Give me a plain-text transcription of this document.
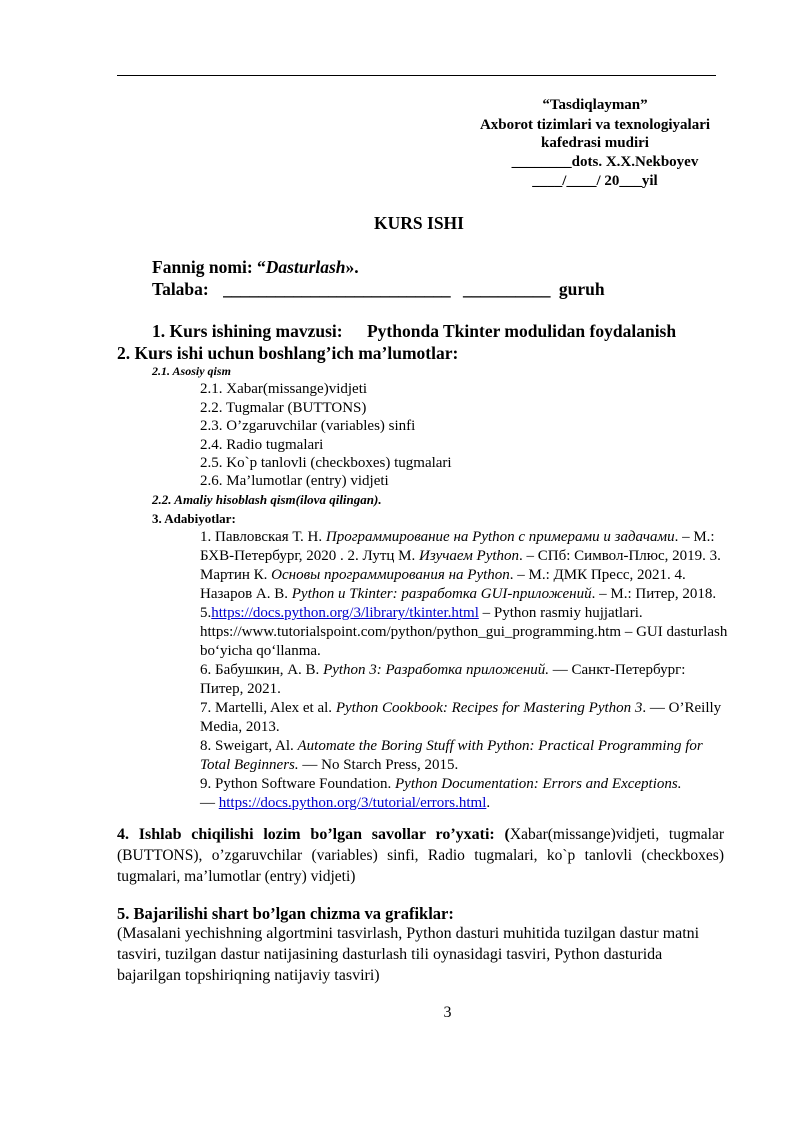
“Tasdiqlayman”
Axborot tizimlari va texnologiyalari
kafedrasi mudiri
________dots. X.X.Nekboyev
____/____/ 20___yil
KURS ISHI
Fannig nomi: “Dasturlash».
Talaba: __________________________ __________ guruh
1. Kurs ishining mavzusi: Pythonda Tkinter modulidan foydalanish
2. Kurs ishi uchun boshlang’ich ma’lumotlar:
2.1. Asosiy qism
2.1. Xabar(missange)vidjeti
2.2. Tugmalar (BUTTONS)
2.3. O’zgaruvchilar (variables) sinfi
2.4. Radio tugmalari
2.5. Ko`p tanlovli (checkboxes) tugmalari
2.6. Ma’lumotlar (entry) vidjeti
2.2. Amaliy hisoblash qism(ilova qilingan).
3. Adabiyotlar:

1. Павловская Т. Н. Программирование на Python с примерами и задачами. – М.: БХВ-Петербург, 2020 . 2. Лутц М. Изучаем Python. – СПб: Символ-Плюс, 2019. 3. Мартин К. Основы программирования на Python. – М.: ДМК Пресс, 2021. 4. Назаров А. В. Python и Tkinter: разработка GUI-приложений. – М.: Питер, 2018.

5.https://docs.python.org/3/library/tkinter.html – Python rasmiy hujjatlari.

https://www.tutorialspoint.com/python/python_gui_programming.htm – GUI dasturlash bo‘yicha qo‘llanma.

6. Бабушкин, А. В. Python 3: Разработка приложений. — Санкт-Петербург: Питер, 2021.

7. Martelli, Alex et al. Python Cookbook: Recipes for Mastering Python 3. — O’Reilly Media, 2013.

8. Sweigart, Al. Automate the Boring Stuff with Python: Practical Programming for Total Beginners. — No Starch Press, 2015.

9. Python Software Foundation. Python Documentation: Errors and Exceptions.
— https://docs.python.org/3/tutorial/errors.html.

4. Ishlab chiqilishi lozim bo’lgan savollar ro’yxati: (Xabar(missange)vidjeti, tugmalar (BUTTONS), o’zgaruvchilar (variables) sinfi, Radio tugmalari, ko`p tanlovli (checkboxes) tugmalari, ma’lumotlar (entry) vidjeti)

5. Bajarilishi shart bo’lgan chizma va grafiklar:

(Masalani yechishning algortmini tasvirlash, Python dasturi muhitida tuzilgan dastur matni tasviri, tuzilgan dastur natijasining dasturlash tili oynasidagi tasviri, Python dasturida bajarilgan topshiriqning natijaviy tasviri)

3
